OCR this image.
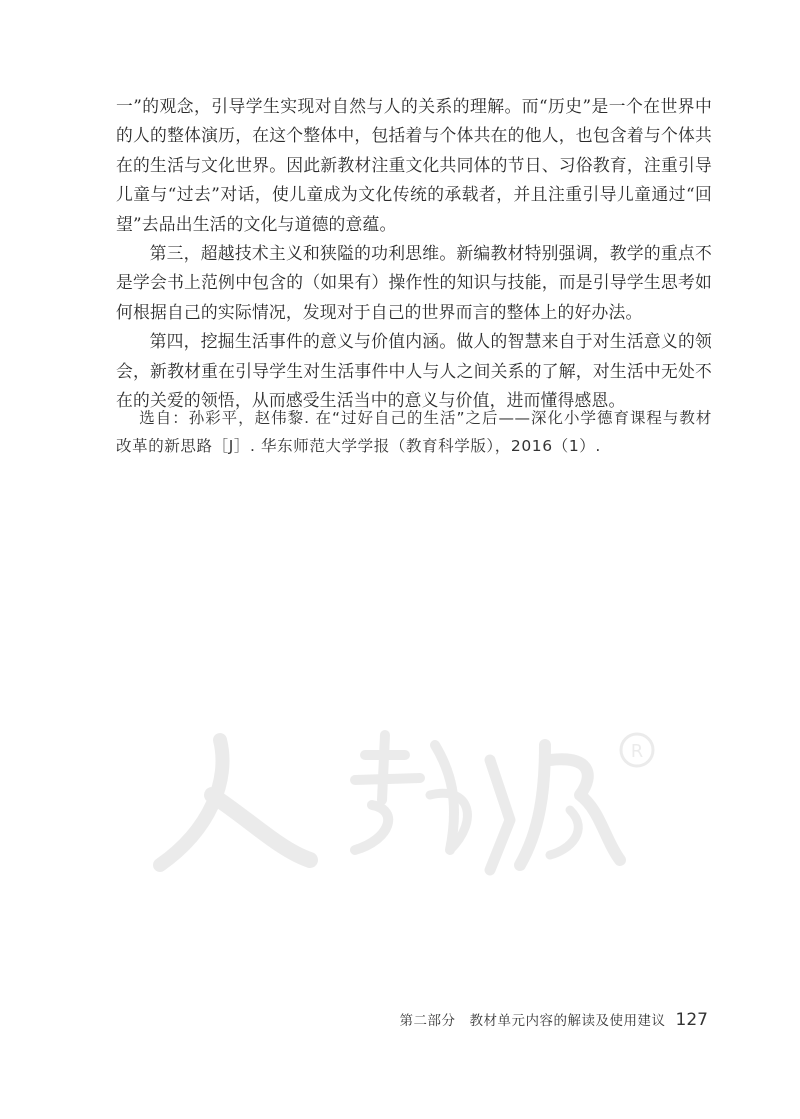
R

一”的观念，引导学生实现对自然与人的关系的理解。而“历史”是一个在世界中的人的整体演历，在这个整体中，包括着与个体共在的他人，也包含着与个体共在的生活与文化世界。因此新教材注重文化共同体的节日、习俗教育，注重引导儿童与“过去”对话，使儿童成为文化传统的承载者，并且注重引导儿童通过“回望”去品出生活的文化与道德的意蕴。

第三，超越技术主义和狭隘的功利思维。新编教材特别强调，教学的重点不是学会书上范例中包含的（如果有）操作性的知识与技能，而是引导学生思考如何根据自己的实际情况，发现对于自己的世界而言的整体上的好办法。

第四，挖掘生活事件的意义与价值内涵。做人的智慧来自于对生活意义的领会，新教材重在引导学生对生活事件中人与人之间关系的了解，对生活中无处不在的关爱的领悟，从而感受生活当中的意义与价值，进而懂得感恩。

选自：孙彩平，赵伟黎. 在“过好自己的生活”之后——深化小学德育课程与教材改革的新思路［J］. 华东师范大学学报（教育科学版），2016（1）.

第二部分　教材单元内容的解读及使用建议 127
